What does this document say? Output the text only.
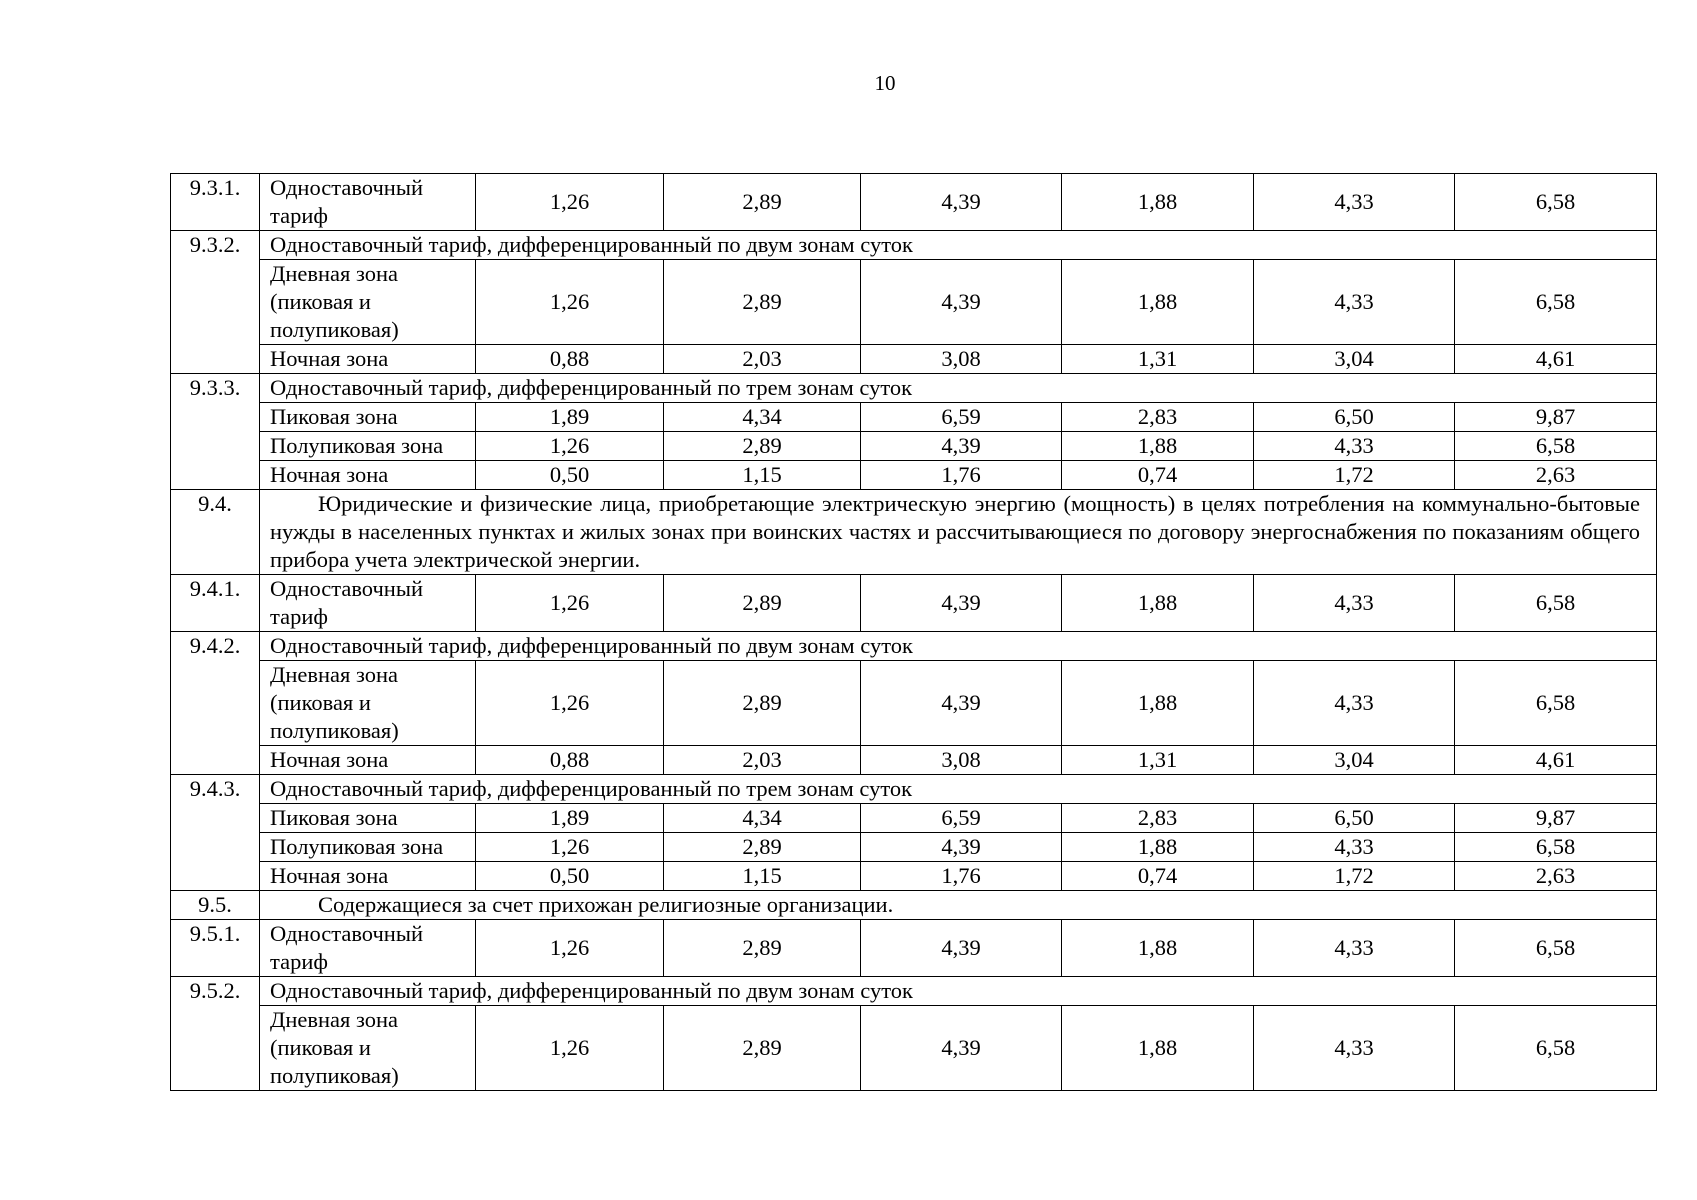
10
9.3.1.	Одноставочный тариф	1,26	2,89	4,39	1,88	4,33	6,58
9.3.2.	Одноставочный тариф, дифференцированный по двум зонам суток						
	Дневная зона (пиковая и полупиковая)	1,26	2,89	4,39	1,88	4,33	6,58
	Ночная зона	0,88	2,03	3,08	1,31	3,04	4,61
9.3.3.	Одноставочный тариф, дифференцированный по трем зонам суток						
	Пиковая зона	1,89	4,34	6,59	2,83	6,50	9,87
	Полупиковая зона	1,26	2,89	4,39	1,88	4,33	6,58
	Ночная зона	0,50	1,15	1,76	0,74	1,72	2,63
9.4.	Юридические и физические лица, приобретающие электрическую энергию (мощность) в целях потребления на коммунально-бытовые нужды в населенных пунктах и жилых зонах при воинских частях и рассчитывающиеся по договору энергоснабжения по показаниям общего прибора учета электрической энергии.						
9.4.1.	Одноставочный тариф	1,26	2,89	4,39	1,88	4,33	6,58
9.4.2.	Одноставочный тариф, дифференцированный по двум зонам суток						
	Дневная зона (пиковая и полупиковая)	1,26	2,89	4,39	1,88	4,33	6,58
	Ночная зона	0,88	2,03	3,08	1,31	3,04	4,61
9.4.3.	Одноставочный тариф, дифференцированный по трем зонам суток						
	Пиковая зона	1,89	4,34	6,59	2,83	6,50	9,87
	Полупиковая зона	1,26	2,89	4,39	1,88	4,33	6,58
	Ночная зона	0,50	1,15	1,76	0,74	1,72	2,63
9.5.	Содержащиеся за счет прихожан религиозные организации.						
9.5.1.	Одноставочный тариф	1,26	2,89	4,39	1,88	4,33	6,58
9.5.2.	Одноставочный тариф, дифференцированный по двум зонам суток						
	Дневная зона (пиковая и полупиковая)	1,26	2,89	4,39	1,88	4,33	6,58
